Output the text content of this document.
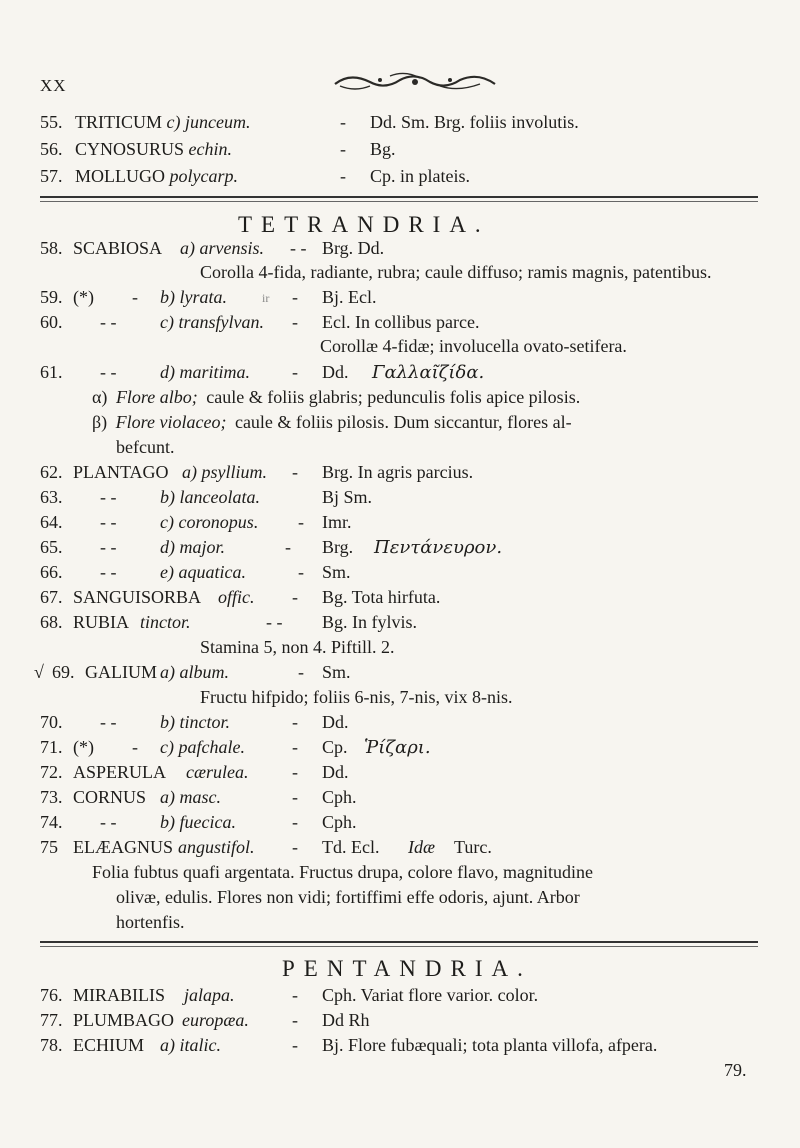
XX
55. TRITICUM c) junceum.	- Dd. Sm. Brg. foliis involutis.
56. CYNOSURUS echin.	- Bg.
57. MOLLUGO polycarp.	- Cp. in plateis.
TETRANDRIA.
58. SCABIOSA a) arvensis. - - Brg. Dd.
Corolla 4-fida, radiante, rubra; caule diffuso; ramis magnis, patentibus.
59. (*) - b) lyrata.	ir - Bj. Ecl.
60. - - c) transfylvan. - Ecl. In collibus parce.
Corollæ 4-fidæ; involucella ovato-setifera.
61. - - d) maritima. - Dd. Γαλλαῖζίδα.
α) Flore albo; caule & foliis glabris; pedunculis folis apice pilosis.
β) Flore violaceo; caule & foliis pilosis. Dum siccantur, flores al-
befcunt.
62. PLANTAGO a) psyllium. - Brg. In agris parcius.
63. - - b) lanceolata.	Bj Sm.
64. - - c) coronopus. - Imr.
65. - - d) major.	- Brg. Πεντάνευρον.
66. - - e) aquatica.	- Sm.
67. SANGUISORBA offic. - Bg. Tota hirfuta.
68. RUBIA tinctor.	- - Bg. In fylvis.
Stamina 5, non 4. Piftill. 2.
√ 69. GALIUM a) album.	- Sm.
Fructu hifpido; foliis 6-nis, 7-nis, vix 8-nis.
70. - - b) tinctor.	- Dd.
71. (*) - c) pafchale.	- Cp. Ῥίζαρι.
72. ASPERULA cærulea. - Dd.
73. CORNUS a) masc.	- Cph.
74. - - b) fuecica.	- Cph.
75 ELÆAGNUS angustifol. - Td. Ecl. Idæ Turc.
Folia fubtus quafi argentata. Fructus drupa, colore flavo, magnitudine
olivæ, edulis. Flores non vidi; fortiffimi effe odoris, ajunt. Arbor
hortenfis.
PENTANDRIA.
76. MIRABILIS jalapa.	- Cph. Variat flore varior. color.
77. PLUMBAGO europæa. - Dd Rh
78. ECHIUM a) italic.	- Bj. Flore fubæquali; tota planta villofa, afpera.
79.
